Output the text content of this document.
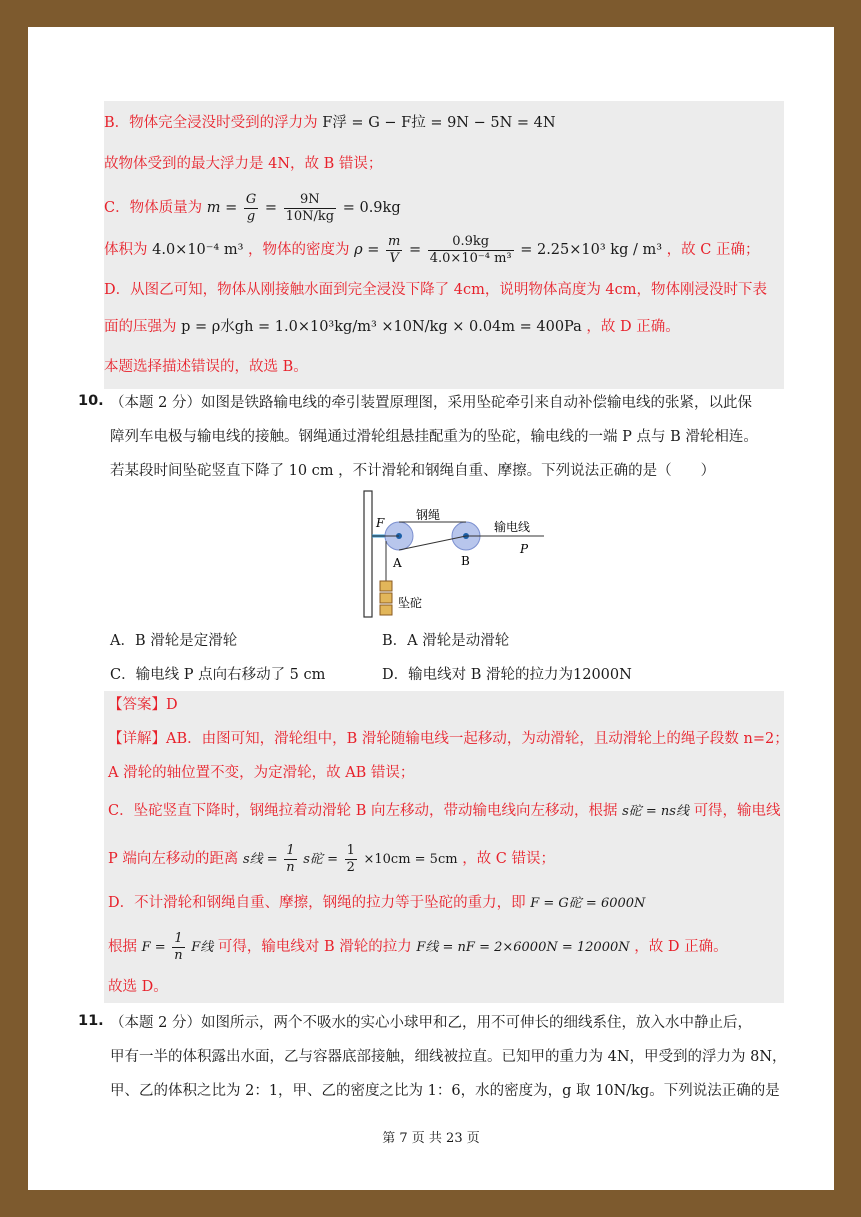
B．物体完全浸没时受到的浮力为 F浮 = G − F拉 = 9N − 5N = 4N
故物体受到的最大浮力是 4N，故 B 错误；
C．物体质量为 $m = \frac{G}{g} = \frac{9N}{10N/kg} = 0.9kg$
体积为 4.0×10⁻⁴ m³ ，物体的密度为 $\rho = \frac{m}{V} = \frac{0.9kg}{\text{4.0×10⁻⁴ m³}} = 2.25\times 10^3$ kg / m³ ，故 C 正确；
D．从图乙可知，物体从刚接触水面到完全浸没下降了 4cm，说明物体高度为 4cm，物体刚浸没时下表
面的压强为 p = ρ水gh = 1.0×10³kg/m³ ×10N/kg × 0.04m = 400Pa ，故 D 正确。
本题选择描述错误的，故选 B。
10. （本题 2 分）如图是铁路输电线的牵引装置原理图，采用坠砣牵引来自动补偿输电线的张紧，以此保
障列车电极与输电线的接触。钢绳通过滑轮组悬挂配重为的坠砣，输电线的一端 P 点与 B 滑轮相连。
若某段时间坠砣竖直下降了 10 cm ，不计滑轮和钢绳自重、摩擦。下列说法正确的是（　　）
F
钢绳
输电线
A	B
P
坠砣
A．B 滑轮是定滑轮	B．A 滑轮是动滑轮
C．输电线 P 点向右移动了 5 cm	D．输电线对 B 滑轮的拉力为12000N
【答案】D
【详解】AB．由图可知，滑轮组中，B 滑轮随输电线一起移动，为动滑轮，且动滑轮上的绳子段数 n=2；
A 滑轮的轴位置不变，为定滑轮，故 AB 错误；
C．坠砣竖直下降时，钢绳拉着动滑轮 B 向左移动，带动输电线向左移动，根据 s砣 = ns线 可得，输电线
P 端向左移动的距离 s线 = $\frac{1}{n}$ s砣 = $\frac{1}{2} \times 10cm = 5cm$ ，故 C 错误；
D．不计滑轮和钢绳自重、摩擦，钢绳的拉力等于坠砣的重力，即 F = G砣 = 6000N
根据 $F = \frac{1}{n}$ F线 可得，输电线对 B 滑轮的拉力 F线 = nF = 2×6000N = 12000N ，故 D 正确。
故选 D。
11. （本题 2 分）如图所示，两个不吸水的实心小球甲和乙，用不可伸长的细线系住，放入水中静止后，
甲有一半的体积露出水面，乙与容器底部接触，细线被拉直。已知甲的重力为 4N，甲受到的浮力为 8N，
甲、乙的体积之比为 2：1，甲、乙的密度之比为 1：6，水的密度为，g 取 10N/kg。下列说法正确的是
第 7 页 共 23 页
